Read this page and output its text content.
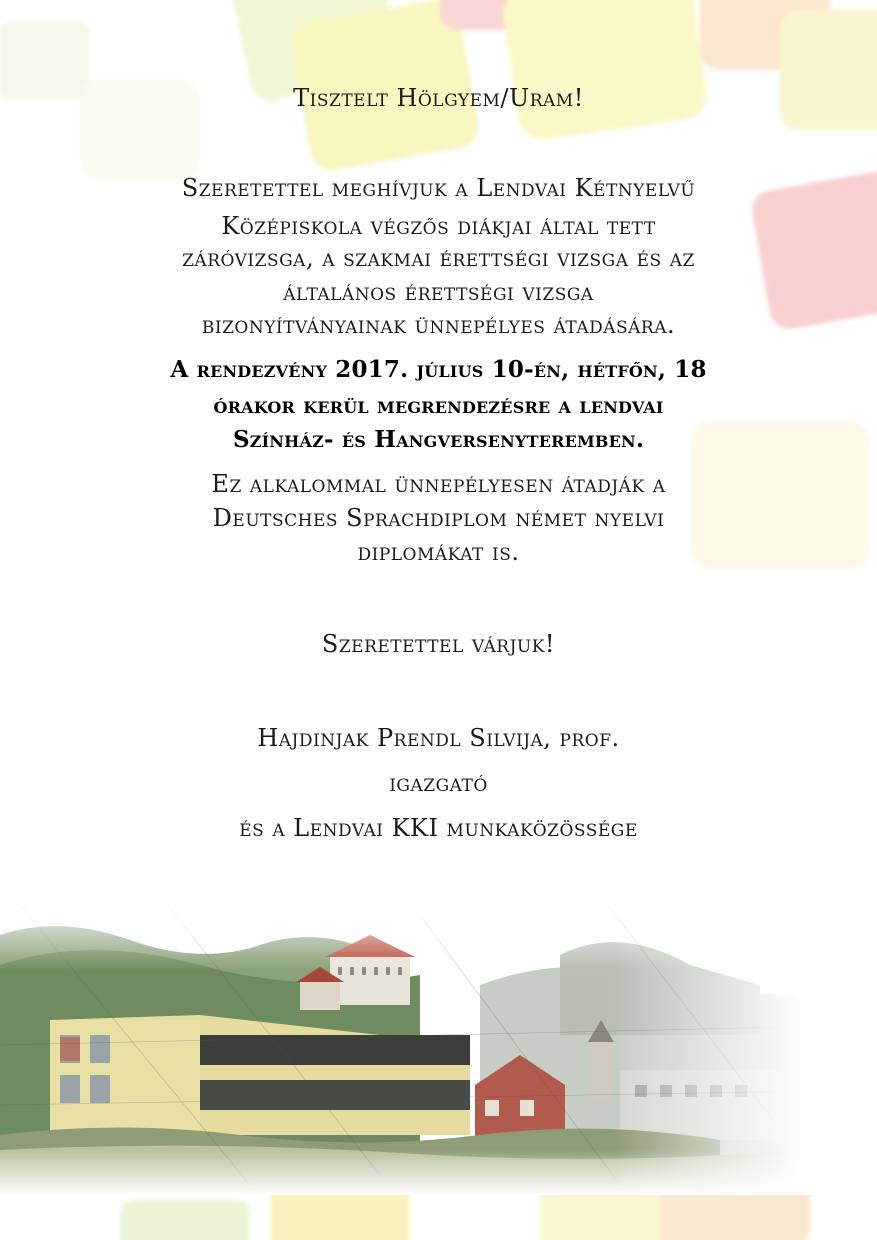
Tisztelt Hölgyem/Uram!
Szeretettel meghívjuk a Lendvai Kétnyelvű
Középiskola végzős diákjai által tett
záróvizsga, a szakmai érettségi vizsga és az
általános érettségi vizsga
bizonyítványainak ünnepélyes átadására.
A rendezvény 2017. július 10-én, hétfőn, 18
órakor kerül megrendezésre a lendvai
Színház- és Hangversenyteremben.
Ez alkalommal ünnepélyesen átadják a
Deutsches Sprachdiplom német nyelvi
diplomákat is.
Szeretettel várjuk!
Hajdinjak Prendl Silvija, prof.
igazgató
és a Lendvai KKI munkaközössége
